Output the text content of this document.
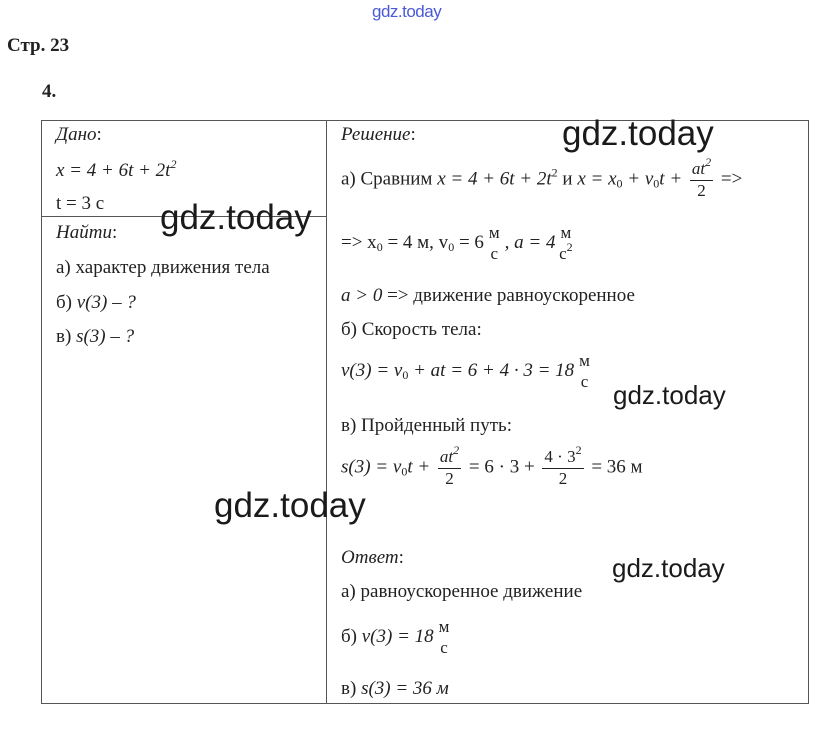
gdz.today
Стр. 23
4.
Дано:
$x = 4 + 6t + 2t^2$
t = 3 с
Найти:
а) характер движения тела
б) v(3) – ?
в) s(3) – ?
Решение:
а) Сравним $x = 4 + 6t + 2t^2$ и $x = x_0 + v_0t + \frac{at^2}{2}$ =>
=> $x_0 = 4$ м, $v_0 = 6$ м
с
, a = 4 м
$с^2$
a > 0 => движение равноускоренное
б) Скорость тела:
$v(3) = v_0$ + at = 6 + 4 · 3 = 18 м
с
в) Пройденный путь:
$s(3) = v_0t + \frac{at^2}{2} = 6 \cdot 3 + \frac{4 \cdot 3^2}{2} = 36$ м
Ответ:
а) равноускоренное движение
б) v(3) = 18 м
с
в) s(3) = 36 м
gdz.today
gdz.today
gdz.today
gdz.today
gdz.today
